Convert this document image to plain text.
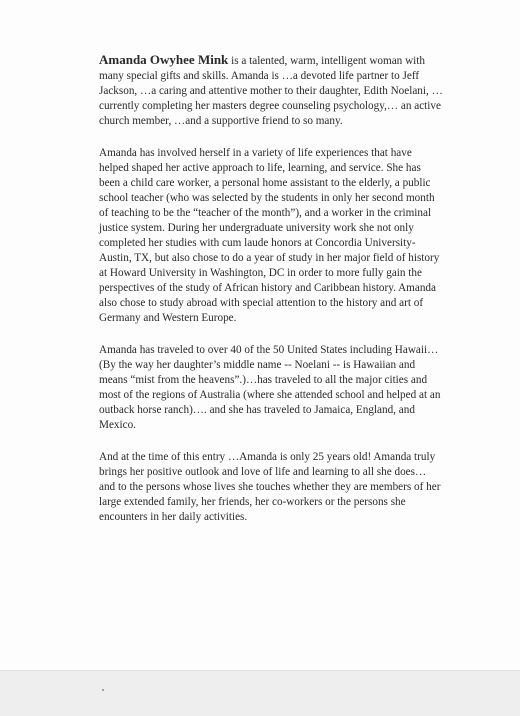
Amanda Owyhee Mink is a talented, warm, intelligent woman with many special gifts and skills. Amanda is …a devoted life partner to Jeff Jackson, …a caring and attentive mother to their daughter, Edith Noelani, …currently completing her masters degree counseling psychology,… an active church member, …and a supportive friend to so many.

Amanda has involved herself in a variety of life experiences that have helped shaped her active approach to life, learning, and service. She has been a child care worker, a personal home assistant to the elderly, a public school teacher (who was selected by the students in only her second month of teaching to be the “teacher of the month”), and a worker in the criminal justice system. During her undergraduate university work she not only completed her studies with cum laude honors at Concordia University-Austin, TX, but also chose to do a year of study in her major field of history at Howard University in Washington, DC in order to more fully gain the perspectives of the study of African history and Caribbean history. Amanda also chose to study abroad with special attention to the history and art of Germany and Western Europe.

Amanda has traveled to over 40 of the 50 United States including Hawaii… (By the way her daughter’s middle name -- Noelani -- is Hawaiian and means “mist from the heavens”.)…has traveled to all the major cities and most of the regions of Australia (where she attended school and helped at an outback horse ranch)…. and she has traveled to Jamaica, England, and Mexico.

And at the time of this entry …Amanda is only 25 years old! Amanda truly brings her positive outlook and love of life and learning to all she does… and to the persons whose lives she touches whether they are members of her large extended family, her friends, her co-workers or the persons she encounters in her daily activities.
